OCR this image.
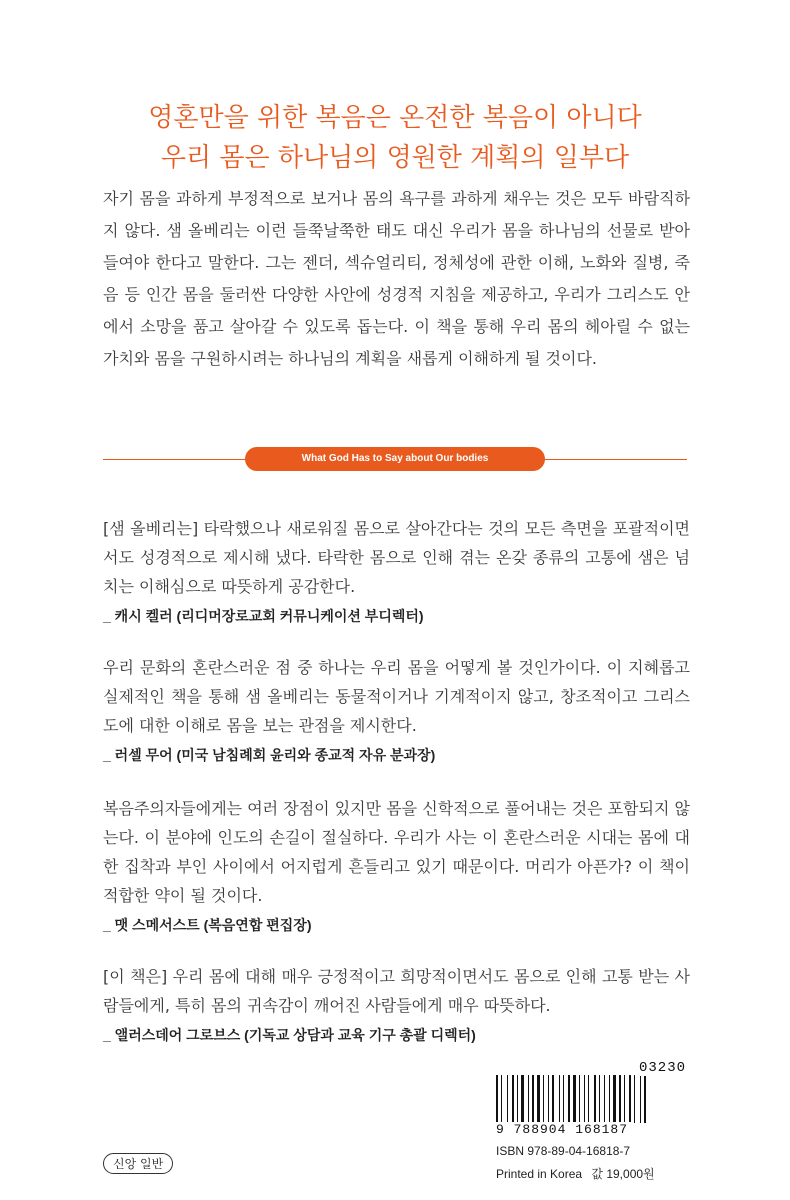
영혼만을 위한 복음은 온전한 복음이 아니다
우리 몸은 하나님의 영원한 계획의 일부다

자기 몸을 과하게 부정적으로 보거나 몸의 욕구를 과하게 채우는 것은 모두 바람직하지 않다. 샘 올베리는 이런 들쭉날쭉한 태도 대신 우리가 몸을 하나님의 선물로 받아들여야 한다고 말한다. 그는 젠더, 섹슈얼리티, 정체성에 관한 이해, 노화와 질병, 죽음 등 인간 몸을 둘러싼 다양한 사안에 성경적 지침을 제공하고, 우리가 그리스도 안에서 소망을 품고 살아갈 수 있도록 돕는다. 이 책을 통해 우리 몸의 헤아릴 수 없는 가치와 몸을 구원하시려는 하나님의 계획을 새롭게 이해하게 될 것이다.

What God Has to Say about Our bodies

[샘 올베리는] 타락했으나 새로워질 몸으로 살아간다는 것의 모든 측면을 포괄적이면서도 성경적으로 제시해 냈다. 타락한 몸으로 인해 겪는 온갖 종류의 고통에 샘은 넘치는 이해심으로 따뜻하게 공감한다.

_ 캐시 켈러 (리디머장로교회 커뮤니케이션 부디렉터)

우리 문화의 혼란스러운 점 중 하나는 우리 몸을 어떻게 볼 것인가이다. 이 지혜롭고 실제적인 책을 통해 샘 올베리는 동물적이거나 기계적이지 않고, 창조적이고 그리스도에 대한 이해로 몸을 보는 관점을 제시한다.

_ 러셀 무어 (미국 남침례회 윤리와 종교적 자유 분과장)

복음주의자들에게는 여러 장점이 있지만 몸을 신학적으로 풀어내는 것은 포함되지 않는다. 이 분야에 인도의 손길이 절실하다. 우리가 사는 이 혼란스러운 시대는 몸에 대한 집착과 부인 사이에서 어지럽게 흔들리고 있기 때문이다. 머리가 아픈가? 이 책이 적합한 약이 될 것이다.

_ 맷 스메서스트 (복음연합 편집장)

[이 책은] 우리 몸에 대해 매우 긍정적이고 희망적이면서도 몸으로 인해 고통 받는 사람들에게, 특히 몸의 귀속감이 깨어진 사람들에게 매우 따뜻하다.

_ 앨러스데어 그로브스 (기독교 상담과 교육 기구 총괄 디렉터)
신앙 일반
03230
9 788904 168187
ISBN 978-89-04-16818-7
Printed in Korea 값 19,000원
